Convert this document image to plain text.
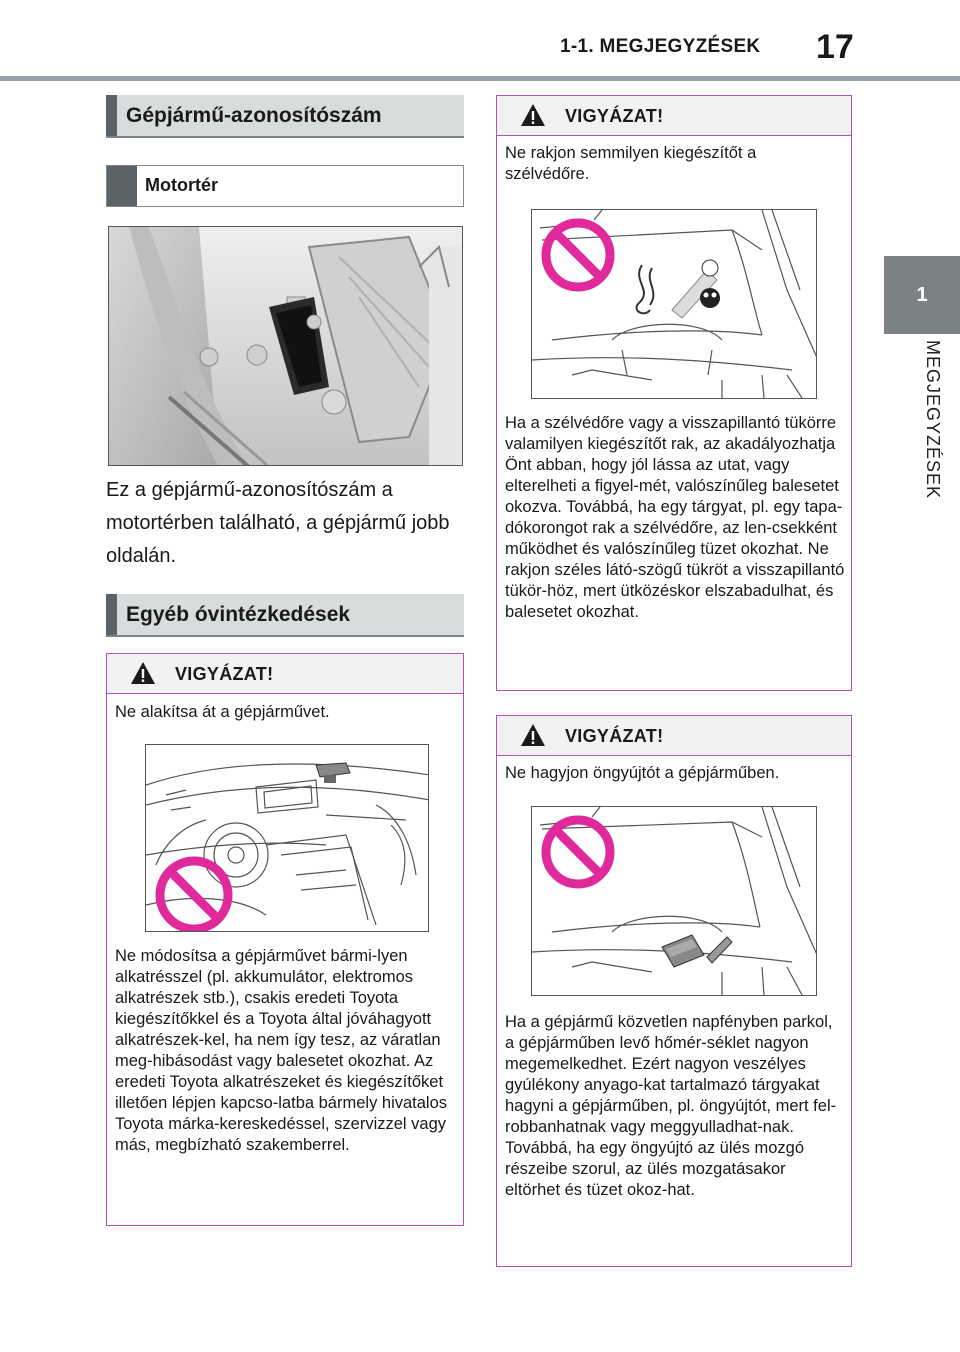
1-1. MEGJEGYZÉSEK 17
1
MEGJEGYZÉSEK
Gépjármű-azonosítószám
Motortér
Ez a gépjármű-azonosítószám a motortérben található, a gépjármű jobb oldalán.
Egyéb óvintézkedések
VIGYÁZAT!
Ne alakítsa át a gépjárművet.
Ne módosítsa a gépjárművet bármi-lyen alkatrésszel (pl. akkumulátor, elektromos alkatrészek stb.), csakis eredeti Toyota kiegészítőkkel és a Toyota által jóváhagyott alkatrészek-kel, ha nem így tesz, az váratlan meg-hibásodást vagy balesetet okozhat. Az eredeti Toyota alkatrészeket és kiegészítőket illetően lépjen kapcso-latba bármely hivatalos Toyota márka-kereskedéssel, szervizzel vagy más, megbízható szakemberrel.
VIGYÁZAT!
Ne rakjon semmilyen kiegészítőt a szélvédőre.
Ha a szélvédőre vagy a visszapillantó tükörre valamilyen kiegészítőt rak, az akadályozhatja Önt abban, hogy jól lássa az utat, vagy elterelheti a figyel-mét, valószínűleg balesetet okozva. Továbbá, ha egy tárgyat, pl. egy tapa-dókorongot rak a szélvédőre, az len-csekként működhet és valószínűleg tüzet okozhat. Ne rakjon széles látó-szögű tükröt a visszapillantó tükör-höz, mert ütközéskor elszabadulhat, és balesetet okozhat.
VIGYÁZAT!
Ne hagyjon öngyújtót a gépjárműben.
Ha a gépjármű közvetlen napfényben parkol, a gépjárműben levő hőmér-séklet nagyon megemelkedhet. Ezért nagyon veszélyes gyúlékony anyago-kat tartalmazó tárgyakat hagyni a gépjárműben, pl. öngyújtót, mert fel-robbanhatnak vagy meggyulladhat-nak. Továbbá, ha egy öngyújtó az ülés mozgó részeibe szorul, az ülés mozgatásakor eltörhet és tüzet okoz-hat.
